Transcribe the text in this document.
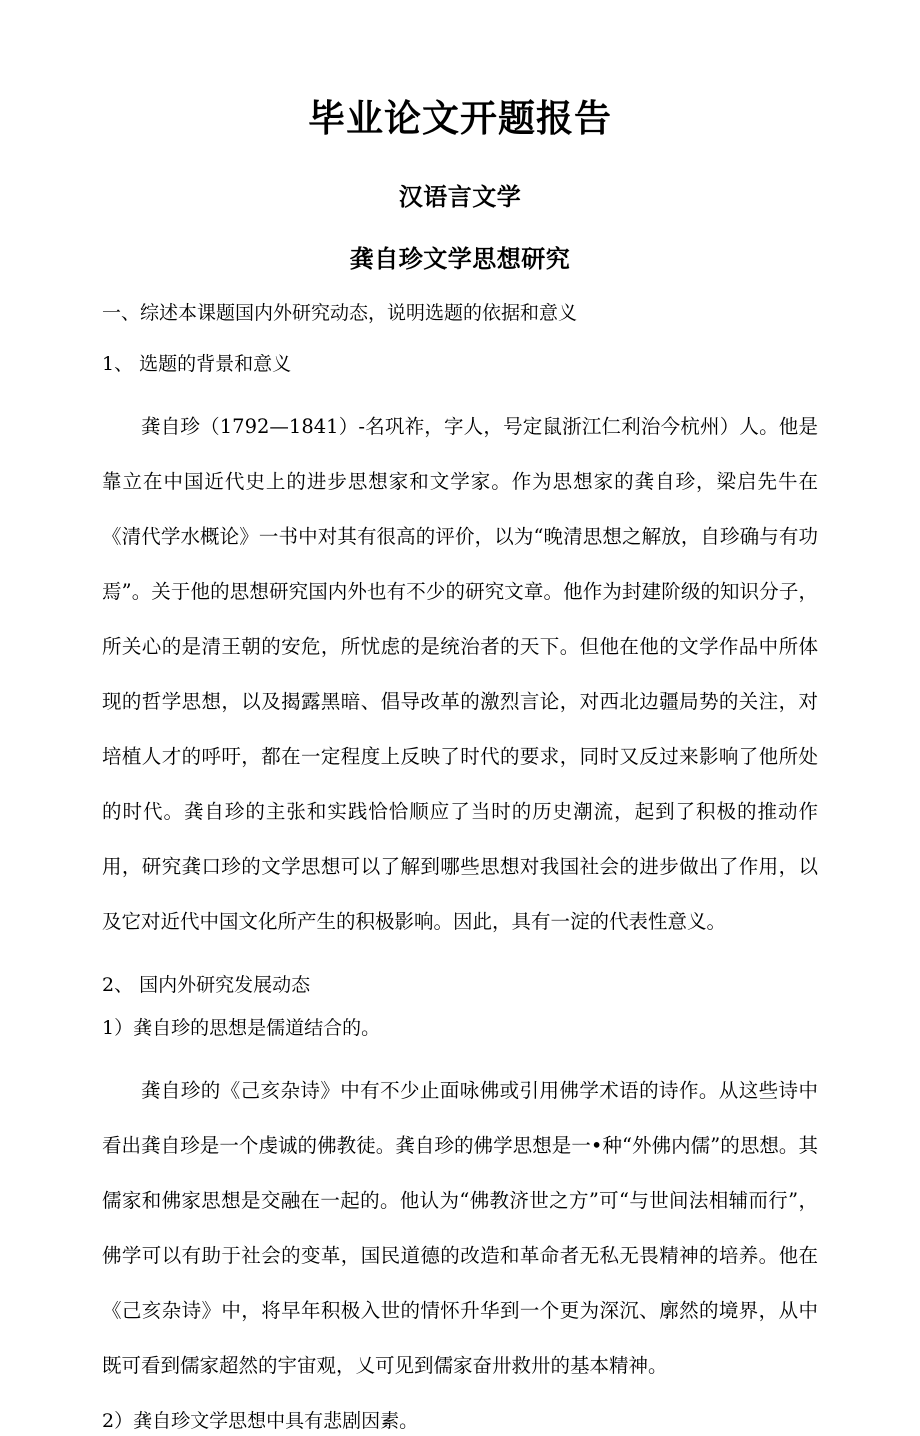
毕业论文开题报告
汉语言文学
龚自珍文学思想研究

一、综述本课题国内外研究动态，说明选题的依据和意义

1、 选题的背景和意义

龚自珍（1792—1841）-名巩祚，字人，号定鼠浙江仁利治今杭州）人。他是靠立在中国近代史上的进步思想家和文学家。作为思想家的龚自珍，梁启先牛在《清代学水概论》一书中对其有很高的评价，以为“晚清思想之解放，自珍确与有功焉”。关于他的思想研究国内外也有不少的研究文章。他作为封建阶级的知识分子，所关心的是清王朝的安危，所忧虑的是统治者的天下。但他在他的文学作品中所体现的哲学思想，以及揭露黑暗、倡导改革的激烈言论，对西北边疆局势的关注，对培植人才的呼吁，都在一定程度上反映了时代的要求，同时又反过来影响了他所处的时代。龚自珍的主张和实践恰恰顺应了当时的历史潮流，起到了积极的推动作用，研究龚口珍的文学思想可以了解到哪些思想对我国社会的进步做出了作用，以及它对近代中国文化所产生的积极影响。因此，具有一淀的代表性意义。

2、 国内外研究发展动态

1）龚自珍的思想是儒道结合的。

龚自珍的《己亥杂诗》中有不少止面咏佛或引用佛学术语的诗作。从这些诗中看出龚自珍是一个虔诚的佛教徒。龚自珍的佛学思想是一•种“外佛内儒”的思想。其儒家和佛家思想是交融在一起的。他认为“佛教济世之方”可“与世间法相辅而行”，佛学可以有助于社会的变革，国民道德的改造和革命者无私无畏精神的培养。他在《己亥杂诗》中，将早年积极入世的情怀升华到一个更为深沉、廓然的境界，从中既可看到儒家超然的宇宙观，乂可见到儒家奋卅救卅的基本精神。

2）龚自珍文学思想中具有悲剧因素。
